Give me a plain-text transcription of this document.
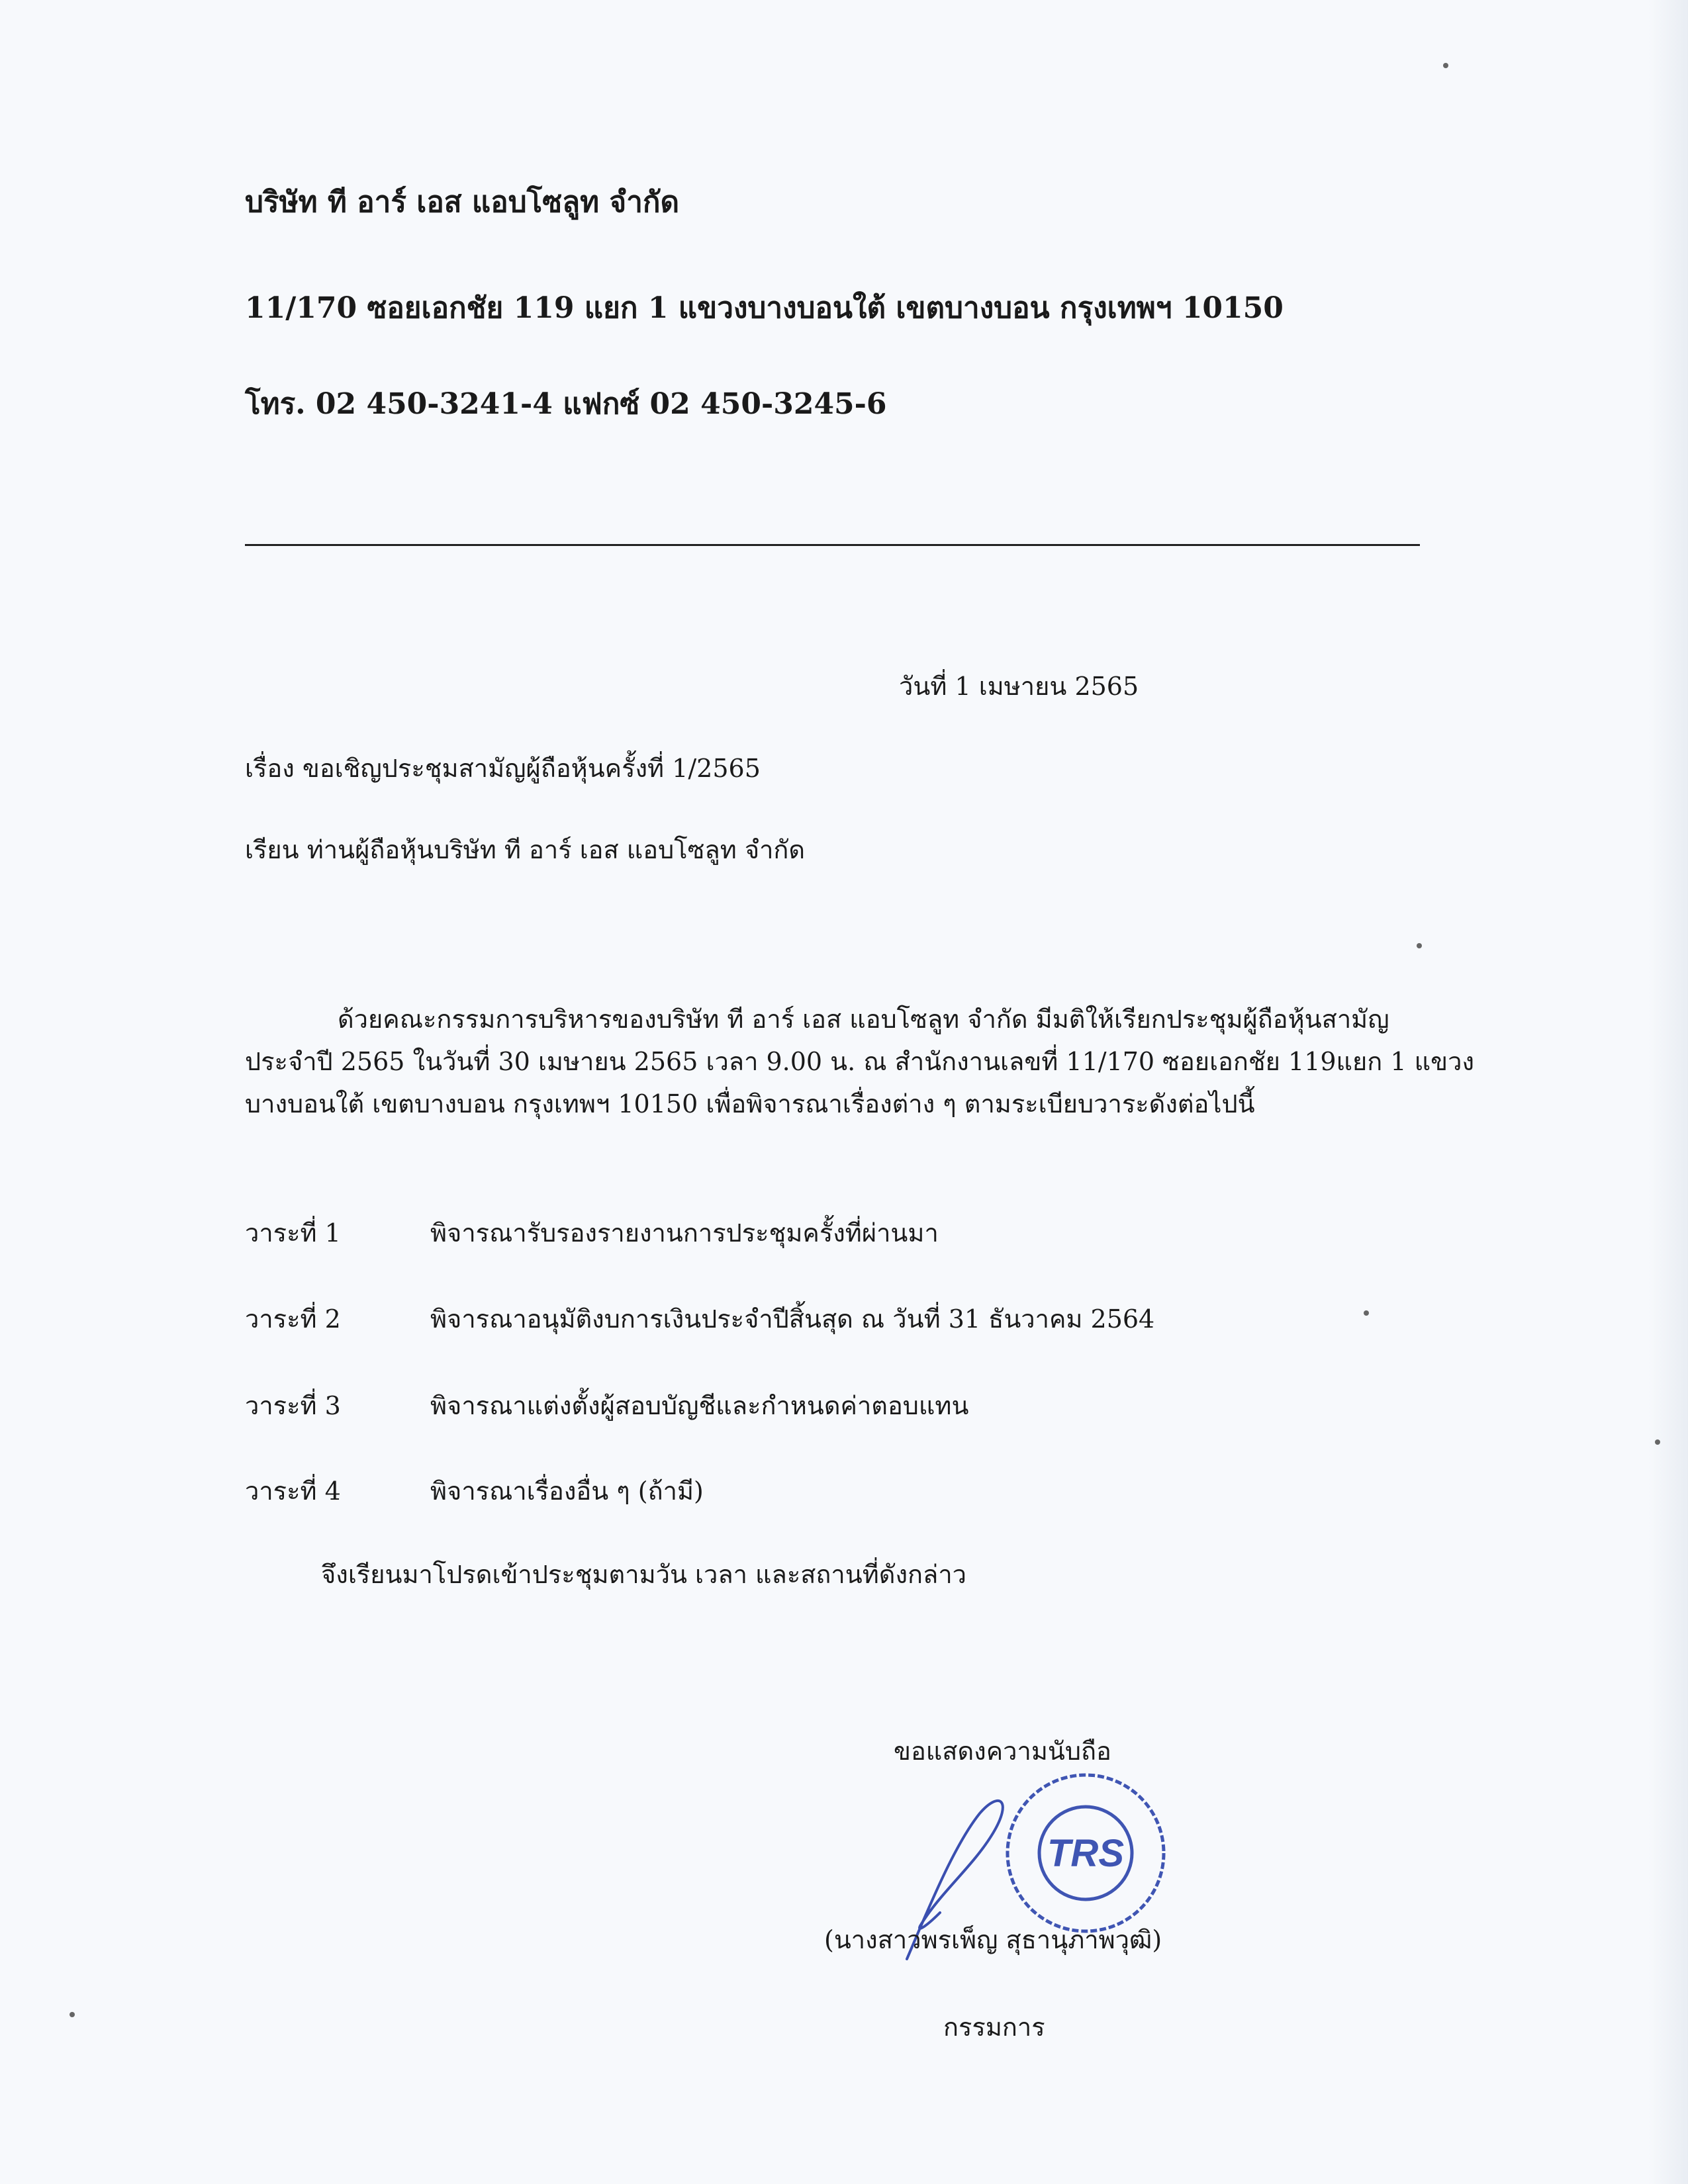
บริษัท ที อาร์ เอส แอบโซลูท จำกัด
11/170 ซอยเอกชัย 119 แยก 1 แขวงบางบอนใต้ เขตบางบอน กรุงเทพฯ 10150
โทร. 02 450-3241-4 แฟกซ์ 02 450-3245-6
วันที่ 1 เมษายน 2565
เรื่อง ขอเชิญประชุมสามัญผู้ถือหุ้นครั้งที่ 1/2565
เรียน ท่านผู้ถือหุ้นบริษัท ที อาร์ เอส แอบโซลูท จำกัด
ด้วยคณะกรรมการบริหารของบริษัท ที อาร์ เอส แอบโซลูท จำกัด มีมติให้เรียกประชุมผู้ถือหุ้นสามัญ
ประจำปี 2565 ในวันที่ 30 เมษายน 2565 เวลา 9.00 น. ณ สำนักงานเลขที่ 11/170 ซอยเอกชัย 119แยก 1 แขวง
บางบอนใต้ เขตบางบอน กรุงเทพฯ 10150 เพื่อพิจารณาเรื่องต่าง ๆ ตามระเบียบวาระดังต่อไปนี้
วาระที่ 1	พิจารณารับรองรายงานการประชุมครั้งที่ผ่านมา
วาระที่ 2	พิจารณาอนุมัติงบการเงินประจำปีสิ้นสุด ณ วันที่ 31 ธันวาคม 2564
วาระที่ 3	พิจารณาแต่งตั้งผู้สอบบัญชีและกำหนดค่าตอบแทน
วาระที่ 4	พิจารณาเรื่องอื่น ๆ (ถ้ามี)
จึงเรียนมาโปรดเข้าประชุมตามวัน เวลา และสถานที่ดังกล่าว
ขอแสดงความนับถือ
TRS
(นางสาวพรเพ็ญ สุธานุภาพวุฒิ)
กรรมการ
